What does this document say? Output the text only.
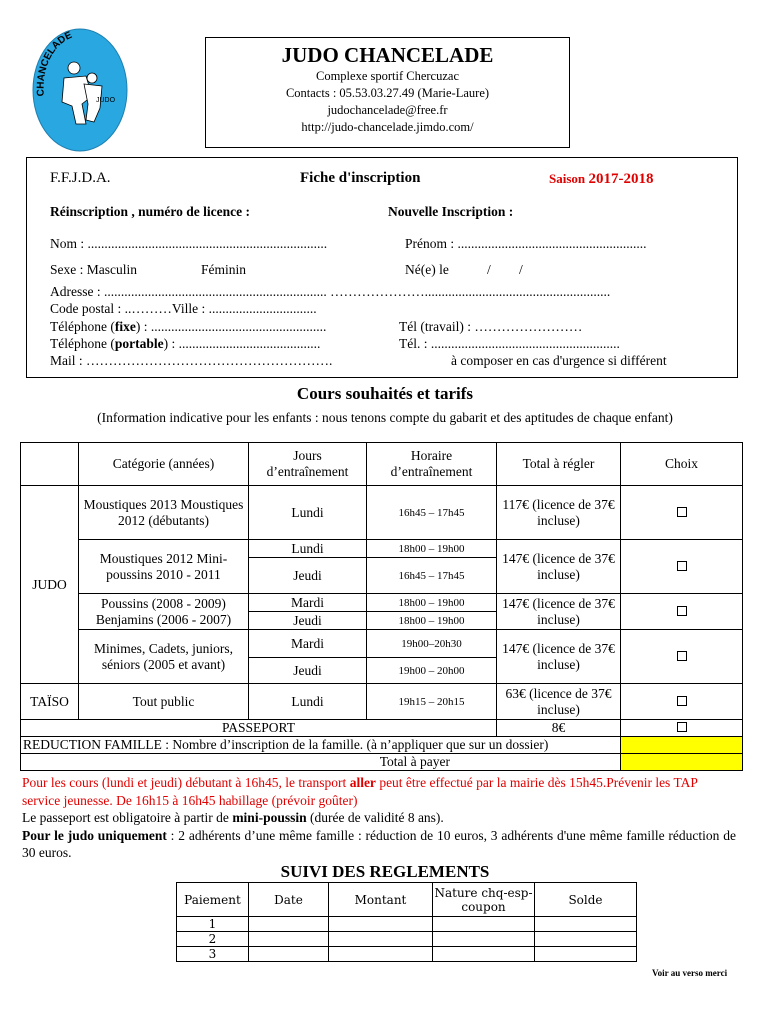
CHANCELADE
JUDO
JUDO CHANCELADE
Complexe sportif Chercuzac
Contacts : 05.53.03.27.49 (Marie-Laure)
judochancelade@free.fr
http://judo-chancelade.jimdo.com/
F.F.J.D.A.	Fiche d'inscription	Saison 2017-2018
Réinscription , numéro de licence :	Nouvelle Inscription :
Nom : .......................................................................	Prénom : ........................................................
Sexe : Masculin	Féminin	Né(e) le	/ /
Adresse : .................................................................. ………………….......................................................
Code postal : ..………Ville : ................................
Téléphone (fixe) : ....................................................	Tél (travail) : ……………………
Téléphone (portable) : ..........................................	Tél. : ........................................................
Mail : ……………………………………………….	à composer en cas d'urgence si différent
Cours souhaités et tarifs
(Information indicative pour les enfants : nous tenons compte du gabarit et des aptitudes de chaque enfant)
	Catégorie (années)	Jours d’entraînement	Horaire d’entraînement	Total à régler	Choix
JUDO	Moustiques 2013 Moustiques 2012 (débutants)	Lundi	16h45 – 17h45	117€ (licence de 37€ incluse)	
	Moustiques 2012 Mini-poussins 2010 - 2011	Lundi	18h00 – 19h00	147€ (licence de 37€ incluse)	
		Jeudi	16h45 – 17h45		
	Poussins (2008 - 2009) Benjamins (2006 - 2007)	Mardi	18h00 – 19h00	147€ (licence de 37€ incluse)	
		Jeudi	18h00 – 19h00		
	Minimes, Cadets, juniors, séniors (2005 et avant)	Mardi	19h00–20h30	147€ (licence de 37€ incluse)	
		Jeudi	19h00 – 20h00		
TAÏSO	Tout public	Lundi	19h15 – 20h15	63€ (licence de 37€ incluse)	
PASSEPORT				8€	
REDUCTION FAMILLE : Nombre d’inscription de la famille. (à n’appliquer que sur un dossier)					
Total à payer					
Pour les cours (lundi et jeudi) débutant à 16h45, le transport aller peut être effectué par la mairie dès 15h45.Prévenir les TAP service jeunesse. De 16h15 à 16h45 habillage (prévoir goûter)
Le passeport est obligatoire à partir de mini-poussin (durée de validité 8 ans).
Pour le judo uniquement : 2 adhérents d’une même famille : réduction de 10 euros, 3 adhérents d'une même famille réduction de 30 euros.
SUIVI DES REGLEMENTS
Paiement	Date	Montant	Nature chq-esp-coupon	Solde
1				
2				
3				
Voir au verso merci
